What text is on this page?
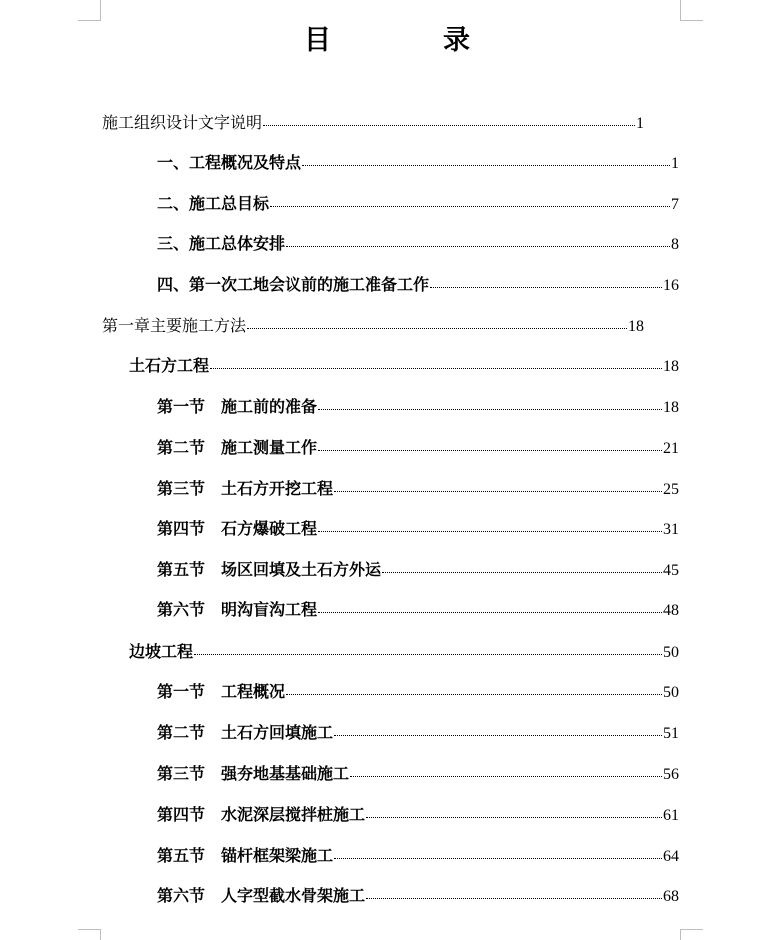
目	录
施工组织设计文字说明	1
一、工程概况及特点	1
二、施工总目标	7
三、施工总体安排	8
四、第一次工地会议前的施工准备工作	16
第一章主要施工方法	18
土石方工程	18
第一节 施工前的准备	18
第二节 施工测量工作	21
第三节 土石方开挖工程	25
第四节 石方爆破工程	31
第五节 场区回填及土石方外运	45
第六节 明沟盲沟工程	48
边坡工程	50
第一节 工程概况	50
第二节 土石方回填施工	51
第三节 强夯地基基础施工	56
第四节 水泥深层搅拌桩施工	61
第五节 锚杆框架梁施工	64
第六节 人字型截水骨架施工	68
